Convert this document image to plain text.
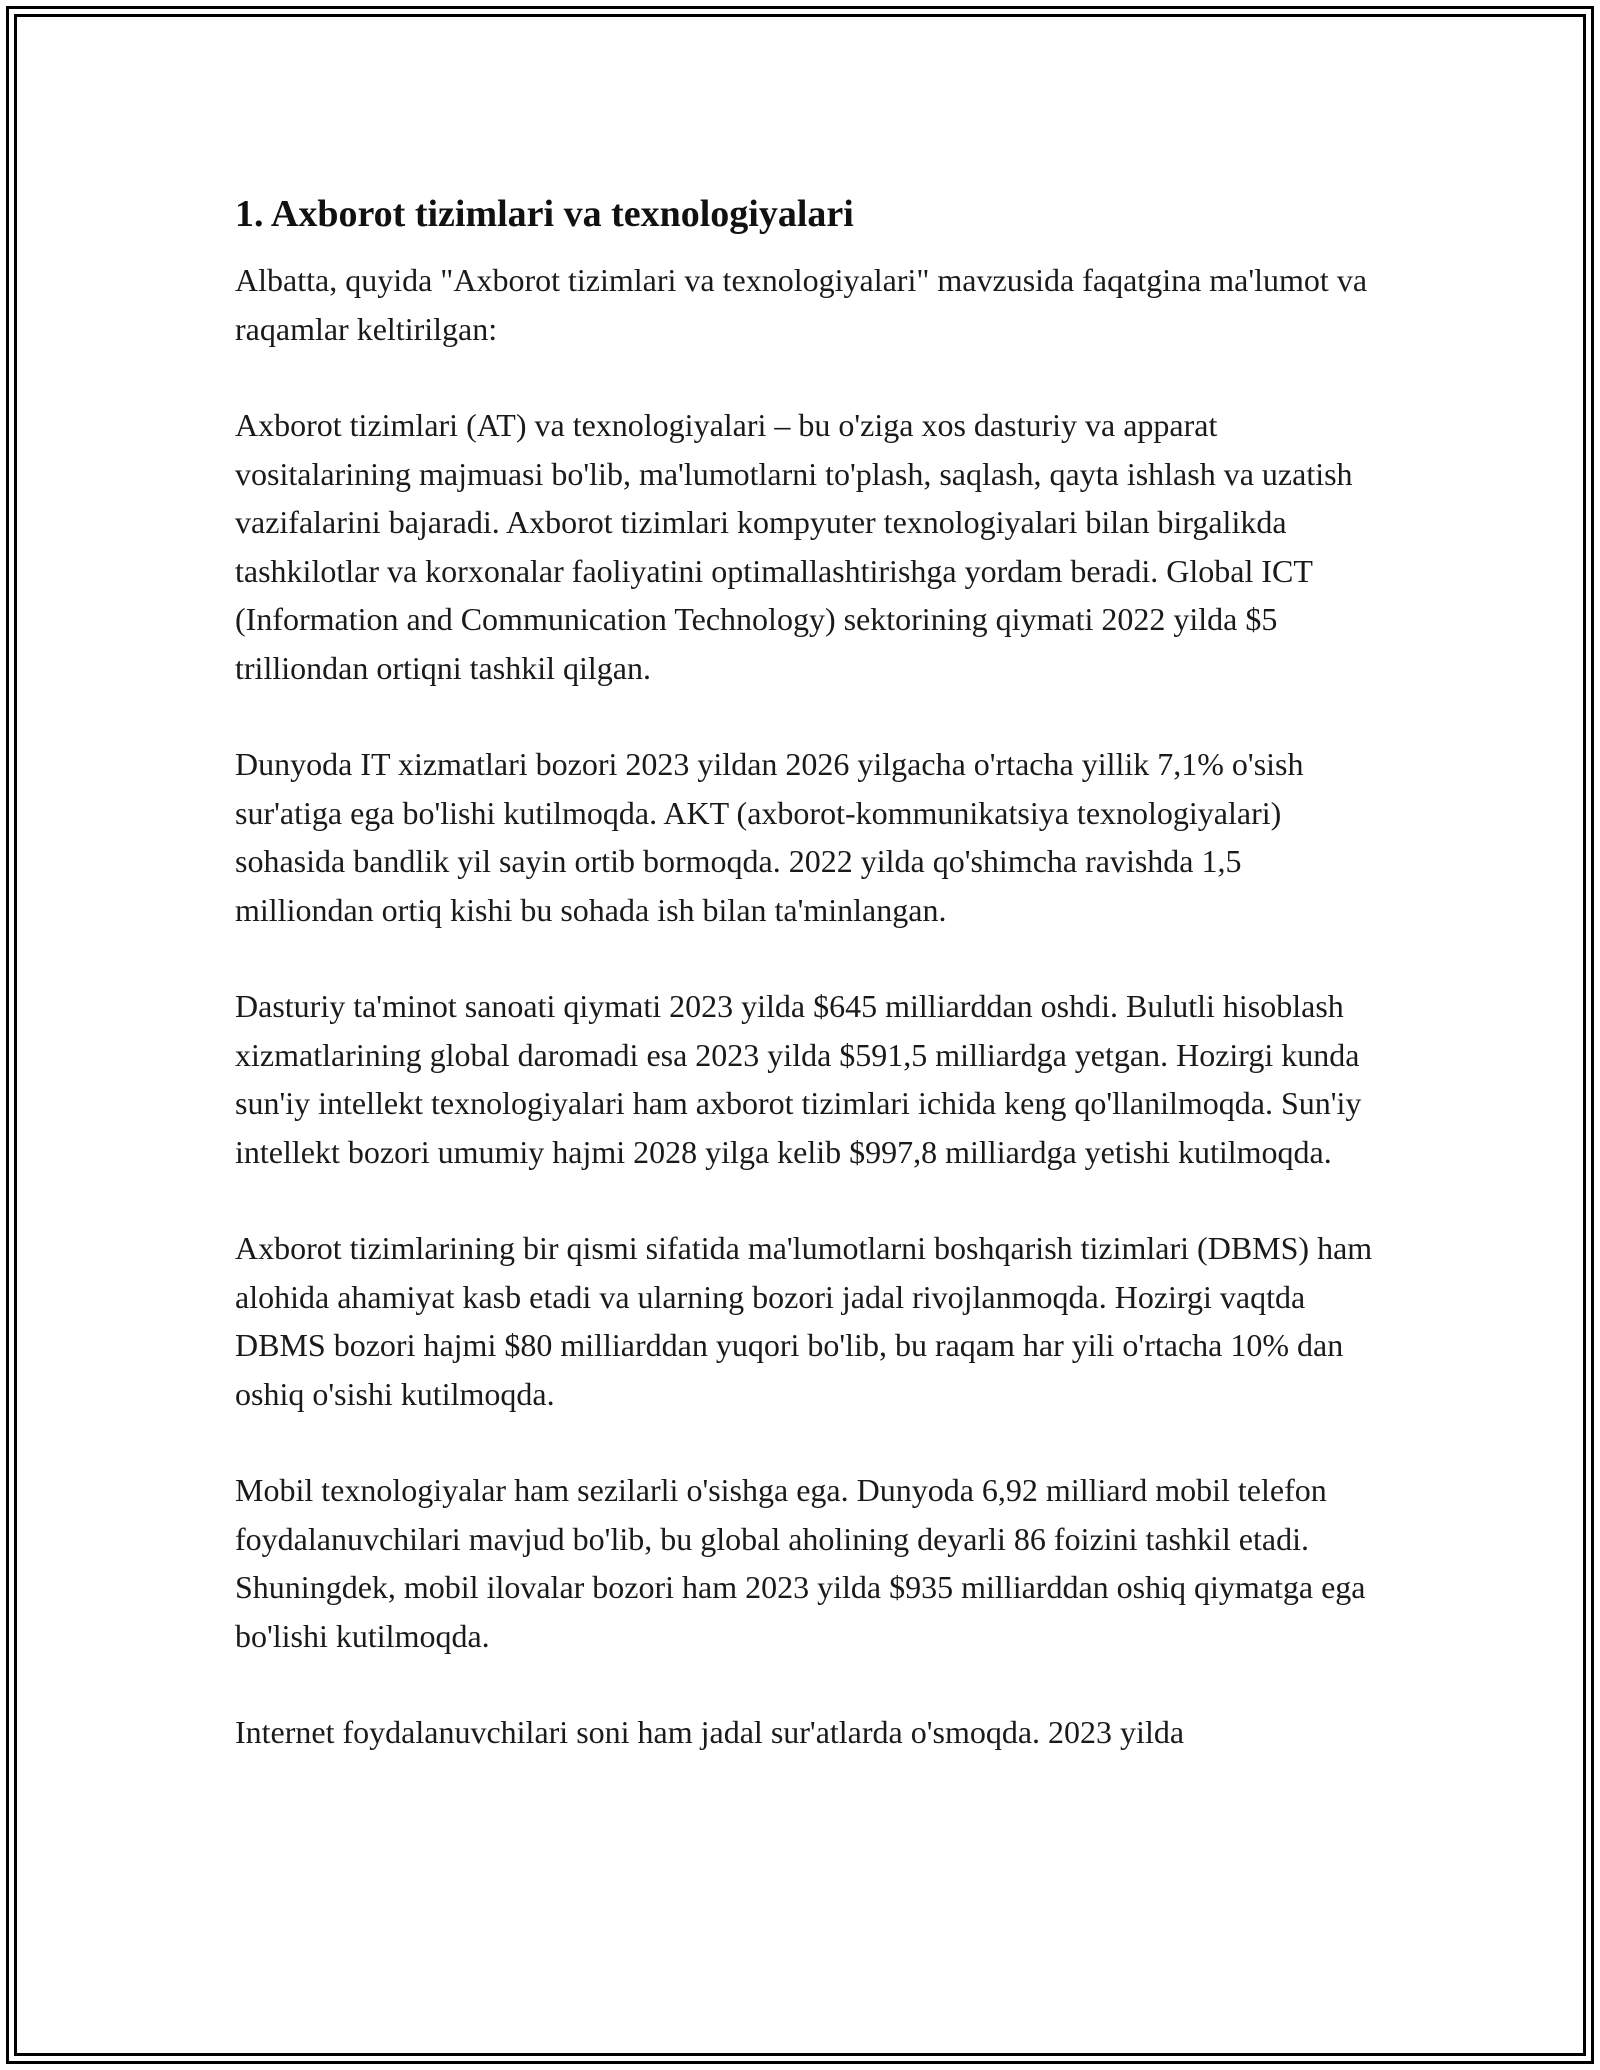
1. Axborot tizimlari va texnologiyalari

Albatta, quyida "Axborot tizimlari va texnologiyalari" mavzusida faqatgina ma'lumot va raqamlar keltirilgan:

Axborot tizimlari (AT) va texnologiyalari – bu o'ziga xos dasturiy va apparat vositalarining majmuasi bo'lib, ma'lumotlarni to'plash, saqlash, qayta ishlash va uzatish vazifalarini bajaradi. Axborot tizimlari kompyuter texnologiyalari bilan birgalikda tashkilotlar va korxonalar faoliyatini optimallashtirishga yordam beradi. Global ICT (Information and Communication Technology) sektorining qiymati 2022 yilda $5 trilliondan ortiqni tashkil qilgan.

Dunyoda IT xizmatlari bozori 2023 yildan 2026 yilgacha o'rtacha yillik 7,1% o'sish sur'atiga ega bo'lishi kutilmoqda. AKT (axborot-kommunikatsiya texnologiyalari) sohasida bandlik yil sayin ortib bormoqda. 2022 yilda qo'shimcha ravishda 1,5 milliondan ortiq kishi bu sohada ish bilan ta'minlangan.

Dasturiy ta'minot sanoati qiymati 2023 yilda $645 milliarddan oshdi. Bulutli hisoblash xizmatlarining global daromadi esa 2023 yilda $591,5 milliardga yetgan. Hozirgi kunda sun'iy intellekt texnologiyalari ham axborot tizimlari ichida keng qo'llanilmoqda. Sun'iy intellekt bozori umumiy hajmi 2028 yilga kelib $997,8 milliardga yetishi kutilmoqda.

Axborot tizimlarining bir qismi sifatida ma'lumotlarni boshqarish tizimlari (DBMS) ham alohida ahamiyat kasb etadi va ularning bozori jadal rivojlanmoqda. Hozirgi vaqtda DBMS bozori hajmi $80 milliarddan yuqori bo'lib, bu raqam har yili o'rtacha 10% dan oshiq o'sishi kutilmoqda.

Mobil texnologiyalar ham sezilarli o'sishga ega. Dunyoda 6,92 milliard mobil telefon foydalanuvchilari mavjud bo'lib, bu global aholining deyarli 86 foizini tashkil etadi. Shuningdek, mobil ilovalar bozori ham 2023 yilda $935 milliarddan oshiq qiymatga ega bo'lishi kutilmoqda.

Internet foydalanuvchilari soni ham jadal sur'atlarda o'smoqda. 2023 yilda
